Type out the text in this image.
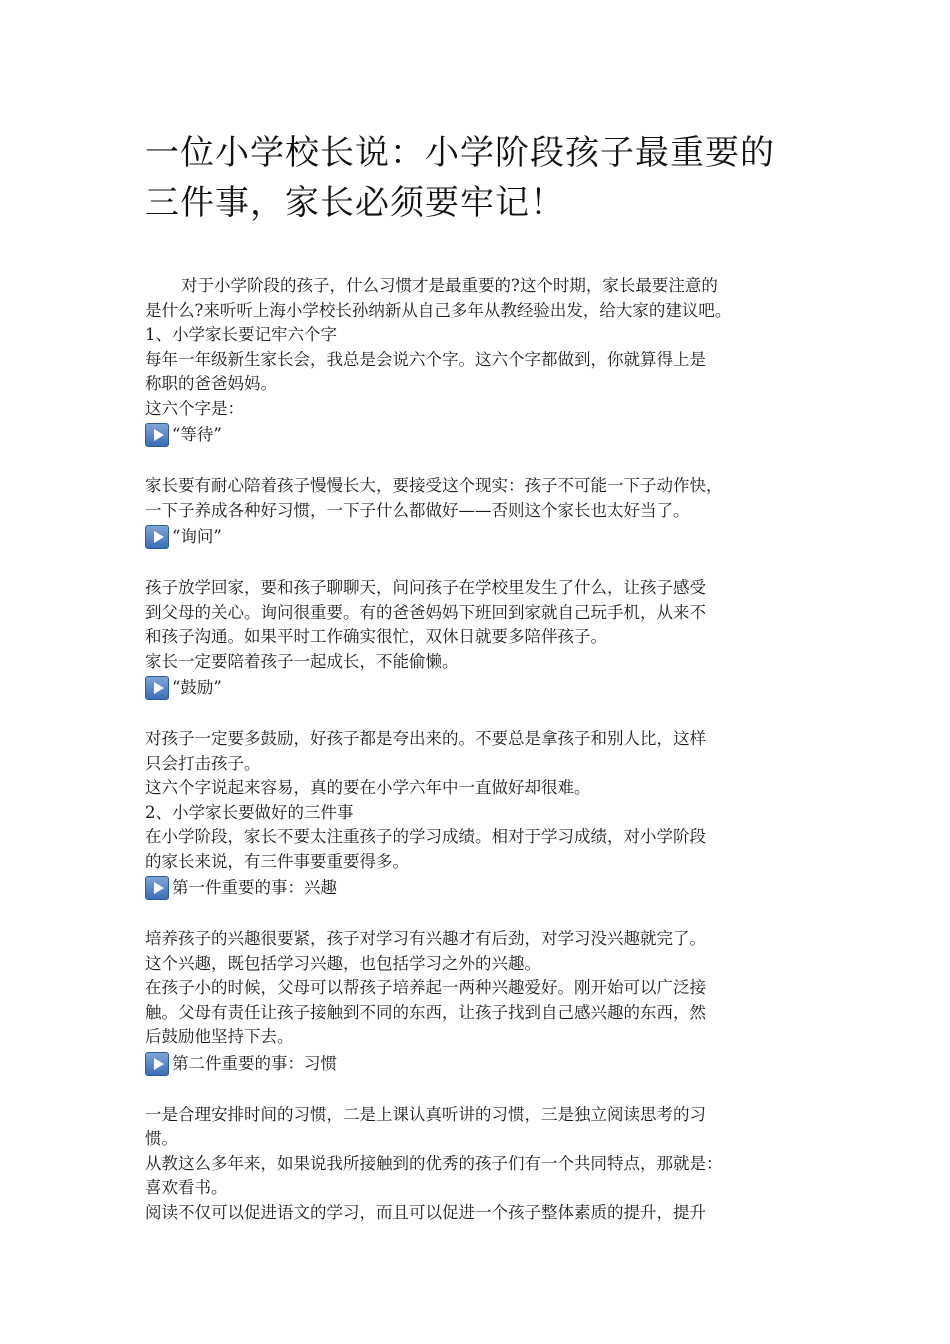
一位小学校长说：小学阶段孩子最重要的
三件事，家长必须要牢记！

对于小学阶段的孩子，什么习惯才是最重要的?这个时期，家长最要注意的

是什么?来听听上海小学校长孙纳新从自己多年从教经验出发，给大家的建议吧。

1、小学家长要记牢六个字

每年一年级新生家长会，我总是会说六个字。这六个字都做到，你就算得上是

称职的爸爸妈妈。

这六个字是：

“等待”

家长要有耐心陪着孩子慢慢长大，要接受这个现实：孩子不可能一下子动作快，

一下子养成各种好习惯，一下子什么都做好——否则这个家长也太好当了。

“询问”

孩子放学回家，要和孩子聊聊天，问问孩子在学校里发生了什么，让孩子感受

到父母的关心。询问很重要。有的爸爸妈妈下班回到家就自己玩手机，从来不

和孩子沟通。如果平时工作确实很忙，双休日就要多陪伴孩子。

家长一定要陪着孩子一起成长，不能偷懒。

“鼓励”

对孩子一定要多鼓励，好孩子都是夸出来的。不要总是拿孩子和别人比，这样

只会打击孩子。

这六个字说起来容易，真的要在小学六年中一直做好却很难。

2、小学家长要做好的三件事

在小学阶段，家长不要太注重孩子的学习成绩。相对于学习成绩，对小学阶段

的家长来说，有三件事要重要得多。

第一件重要的事：兴趣

培养孩子的兴趣很要紧，孩子对学习有兴趣才有后劲，对学习没兴趣就完了。

这个兴趣，既包括学习兴趣，也包括学习之外的兴趣。

在孩子小的时候，父母可以帮孩子培养起一两种兴趣爱好。刚开始可以广泛接

触。父母有责任让孩子接触到不同的东西，让孩子找到自己感兴趣的东西，然

后鼓励他坚持下去。

第二件重要的事：习惯

一是合理安排时间的习惯，二是上课认真听讲的习惯，三是独立阅读思考的习

惯。

从教这么多年来，如果说我所接触到的优秀的孩子们有一个共同特点，那就是：

喜欢看书。

阅读不仅可以促进语文的学习，而且可以促进一个孩子整体素质的提升，提升
